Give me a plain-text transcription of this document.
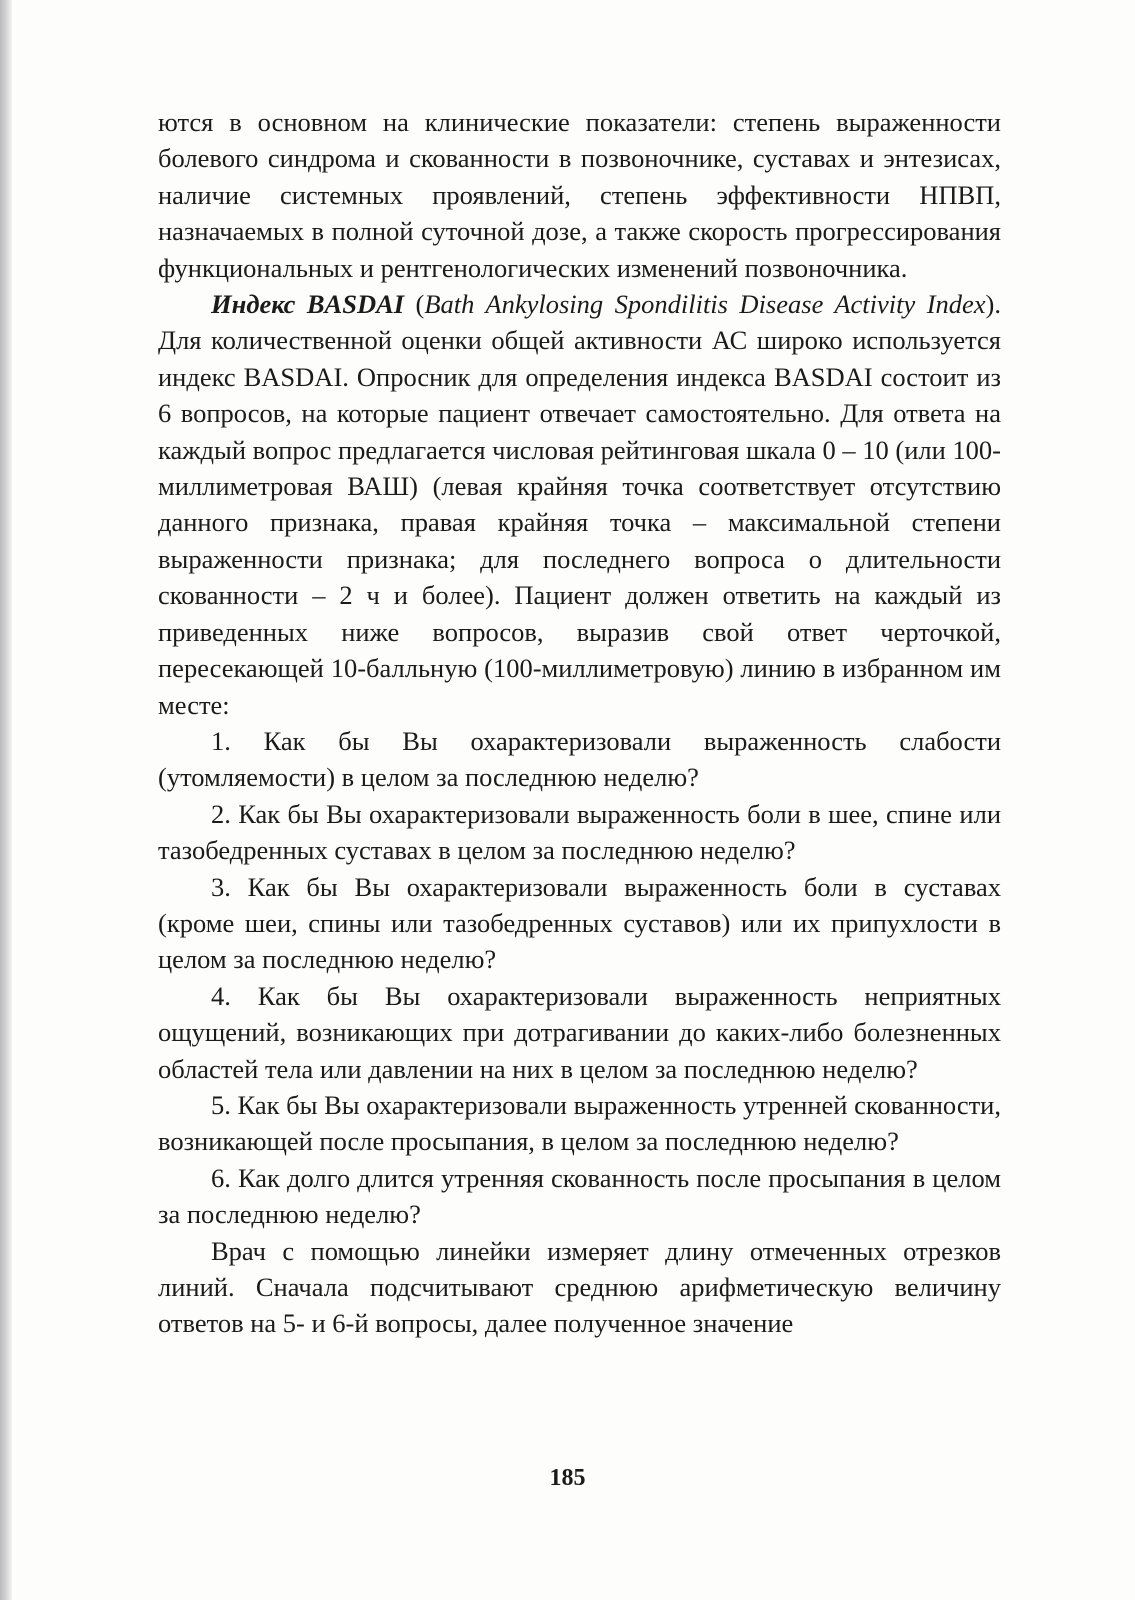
ются в основном на клинические показатели: степень выраженности болевого синдрома и скованности в позвоночнике, суставах и энтезисах, наличие системных проявлений, степень эффективности НПВП, назначаемых в полной суточной дозе, а также скорость прогрессирования функциональных и рентгенологических изменений позвоночника.

Индекс BASDAI (Bath Ankylosing Spondilitis Disease Activity Index). Для количественной оценки общей активности АС широко используется индекс BASDAI. Опросник для определения индекса BASDAI состоит из 6 вопросов, на которые пациент отвечает самостоятельно. Для ответа на каждый вопрос предлагается числовая рейтинговая шкала 0 – 10 (или 100-миллиметровая ВАШ) (левая крайняя точка соответствует отсутствию данного признака, правая крайняя точка – максимальной степени выраженности признака; для последнего вопроса о длительности скованности – 2 ч и более). Пациент должен ответить на каждый из приведенных ниже вопросов, выразив свой ответ черточкой, пересекающей 10-балльную (100-миллиметровую) линию в избранном им месте:

1. Как бы Вы охарактеризовали выраженность слабости (утомляемости) в целом за последнюю неделю?

2. Как бы Вы охарактеризовали выраженность боли в шее, спине или тазобедренных суставах в целом за последнюю неделю?

3. Как бы Вы охарактеризовали выраженность боли в суставах (кроме шеи, спины или тазобедренных суставов) или их припухлости в целом за последнюю неделю?

4. Как бы Вы охарактеризовали выраженность неприятных ощущений, возникающих при дотрагивании до каких-либо болезненных областей тела или давлении на них в целом за последнюю неделю?

5. Как бы Вы охарактеризовали выраженность утренней скованности, возникающей после просыпания, в целом за последнюю неделю?

6. Как долго длится утренняя скованность после просыпания в целом за последнюю неделю?

Врач с помощью линейки измеряет длину отмеченных отрезков линий. Сначала подсчитывают среднюю арифметическую величину ответов на 5- и 6-й вопросы, далее полученное значение

185
